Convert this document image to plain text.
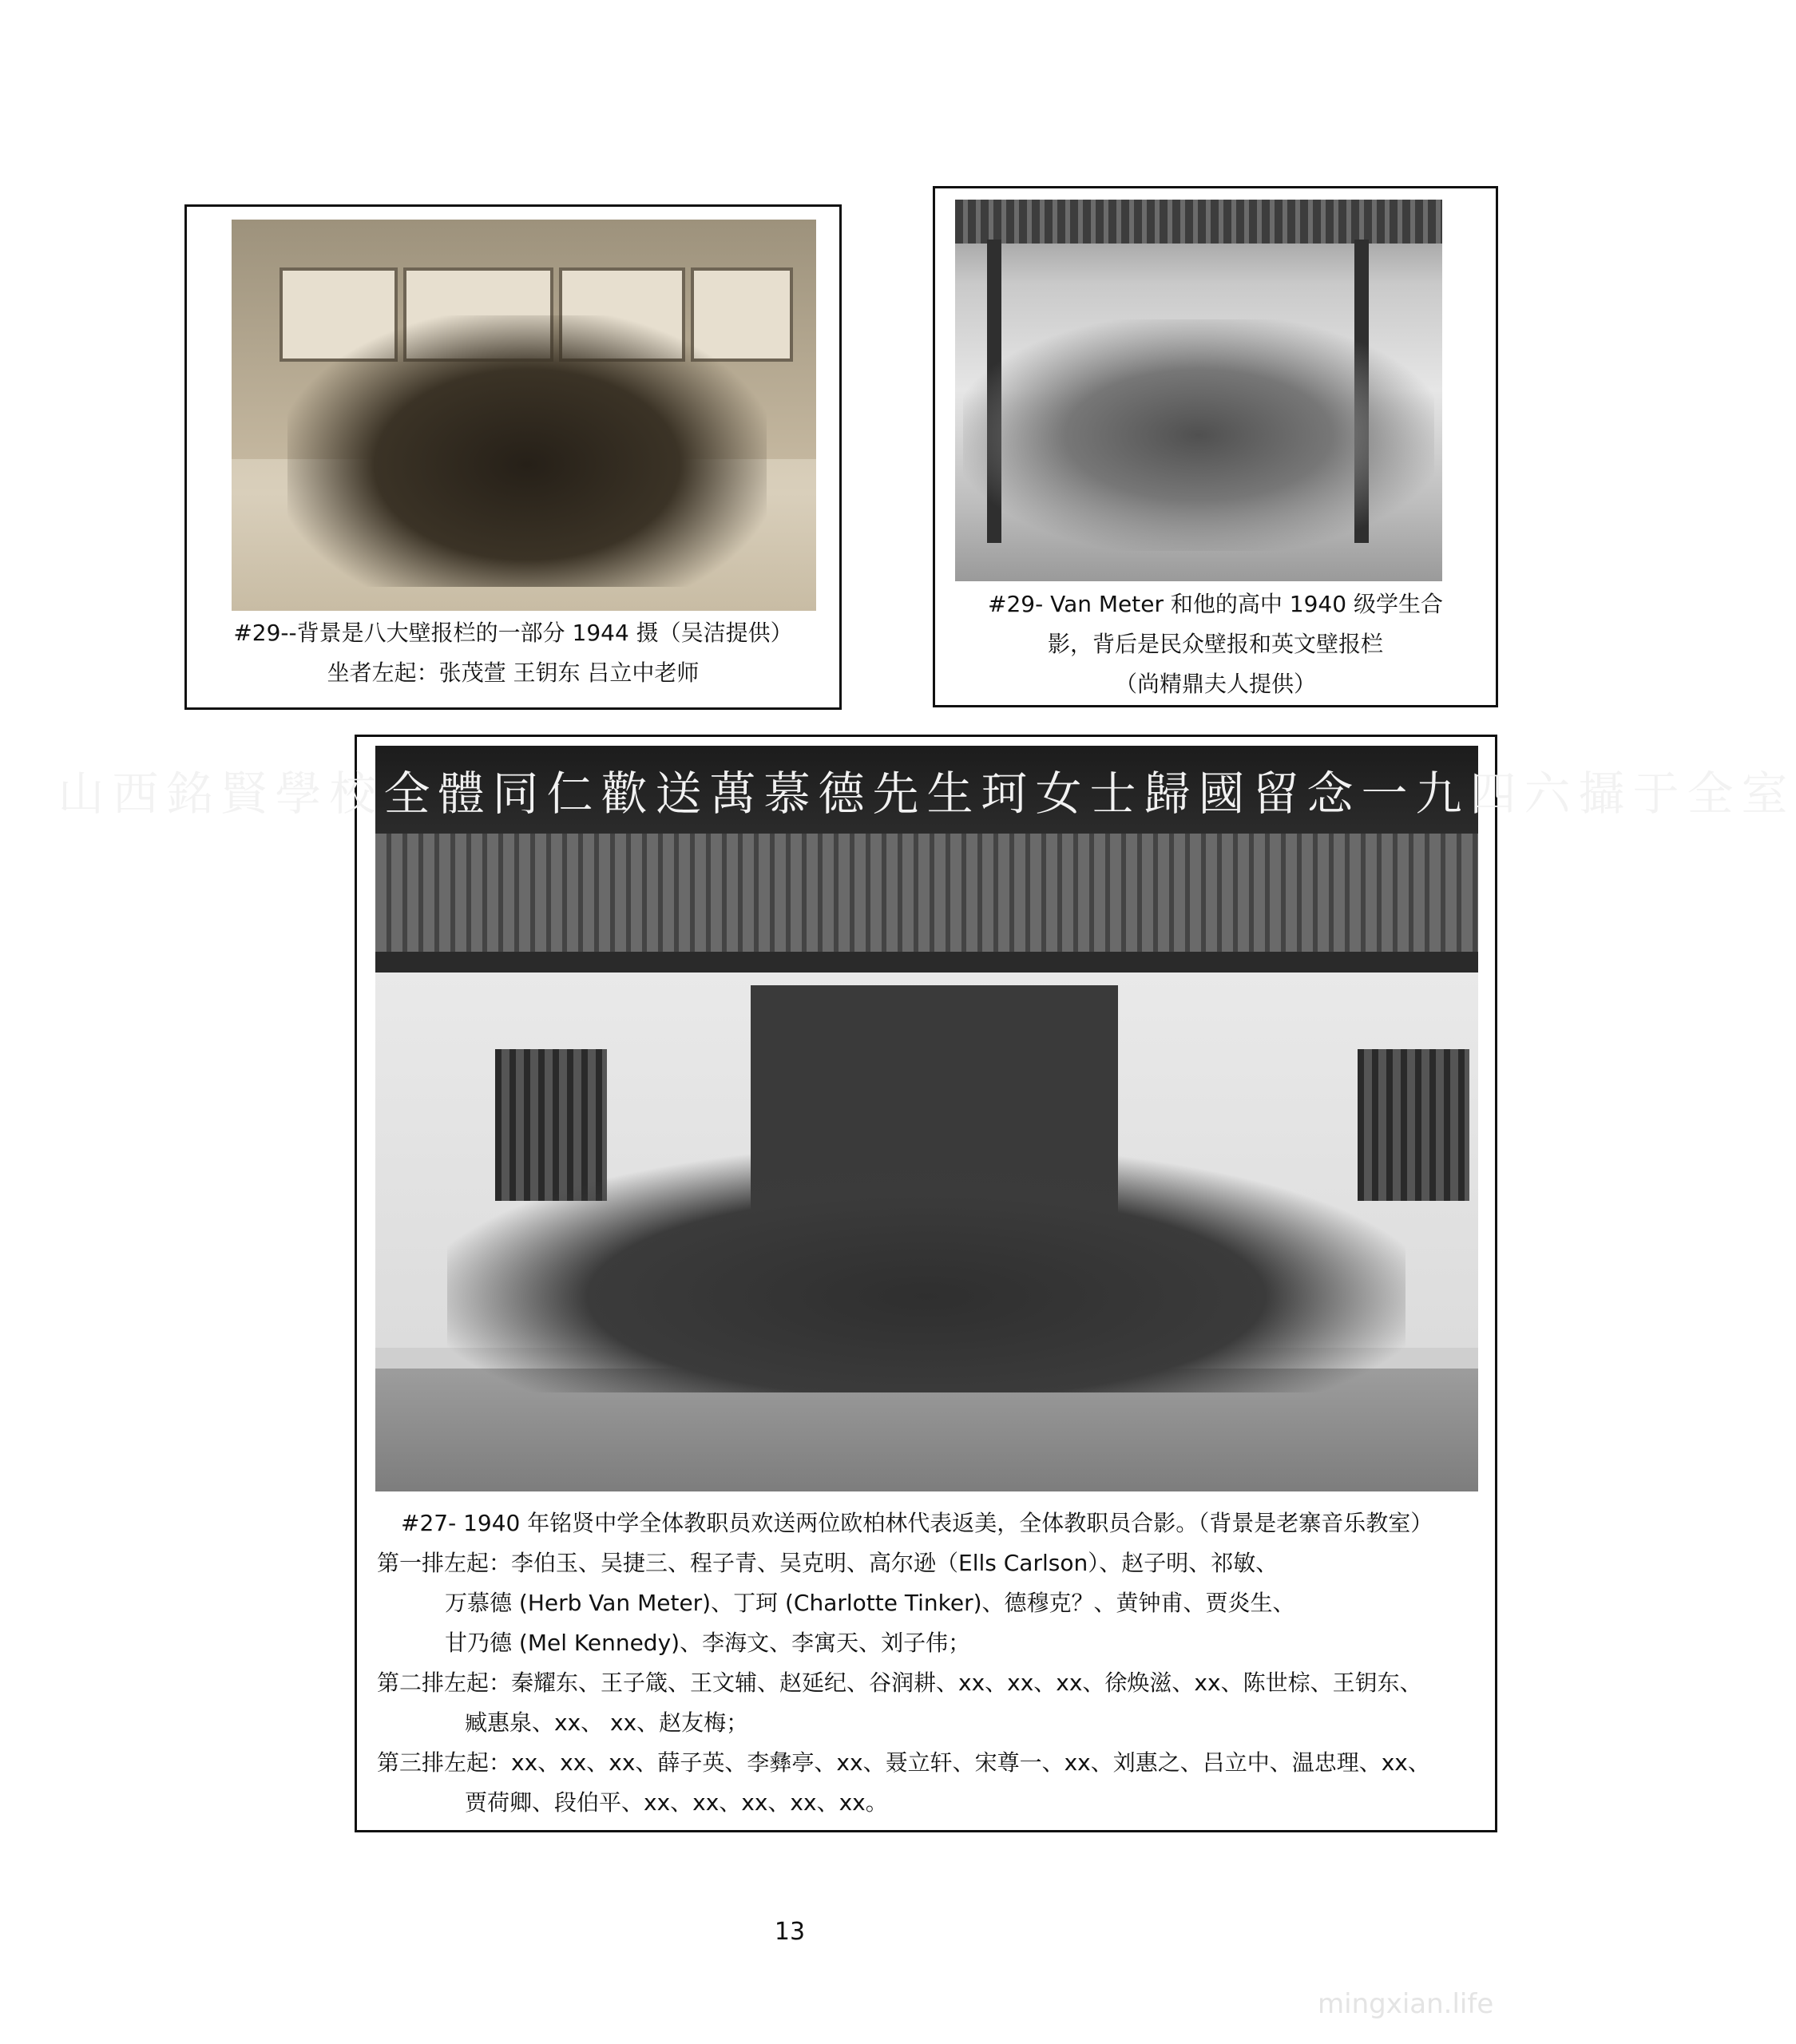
#29--背景是八大壁报栏的一部分 1944 摄（吴洁提供）
坐者左起：张茂萱 王钥东 吕立中老师
#29- Van Meter 和他的高中 1940 级学生合
影，背后是民众壁报和英文壁报栏
（尚精鼎夫人提供）
山西銘賢學校全體同仁歡送萬慕德先生珂女士歸國留念一九四六攝于全室
#27- 1940 年铭贤中学全体教职员欢送两位欧柏林代表返美，全体教职员合影。（背景是老寨音乐教室）
第一排左起：李伯玉、吴捷三、程子青、吴克明、高尔逊（Ells Carlson）、赵子明、祁敏、
万慕德 (Herb Van Meter)、丁珂 (Charlotte Tinker)、德穆克？、黄钟甫、贾炎生、
甘乃德 (Mel Kennedy)、李海文、李寓天、刘子伟；
第二排左起：秦耀东、王子箴、王文辅、赵延纪、谷润耕、xx、xx、xx、徐焕滋、xx、陈世棕、王钥东、
臧惠泉、xx、 xx、赵友梅；
第三排左起：xx、xx、xx、薛子英、李彝亭、xx、聂立轩、宋尊一、xx、刘惠之、吕立中、温忠理、xx、
贾荷卿、段伯平、xx、xx、xx、xx、xx。
13
mingxian.life
